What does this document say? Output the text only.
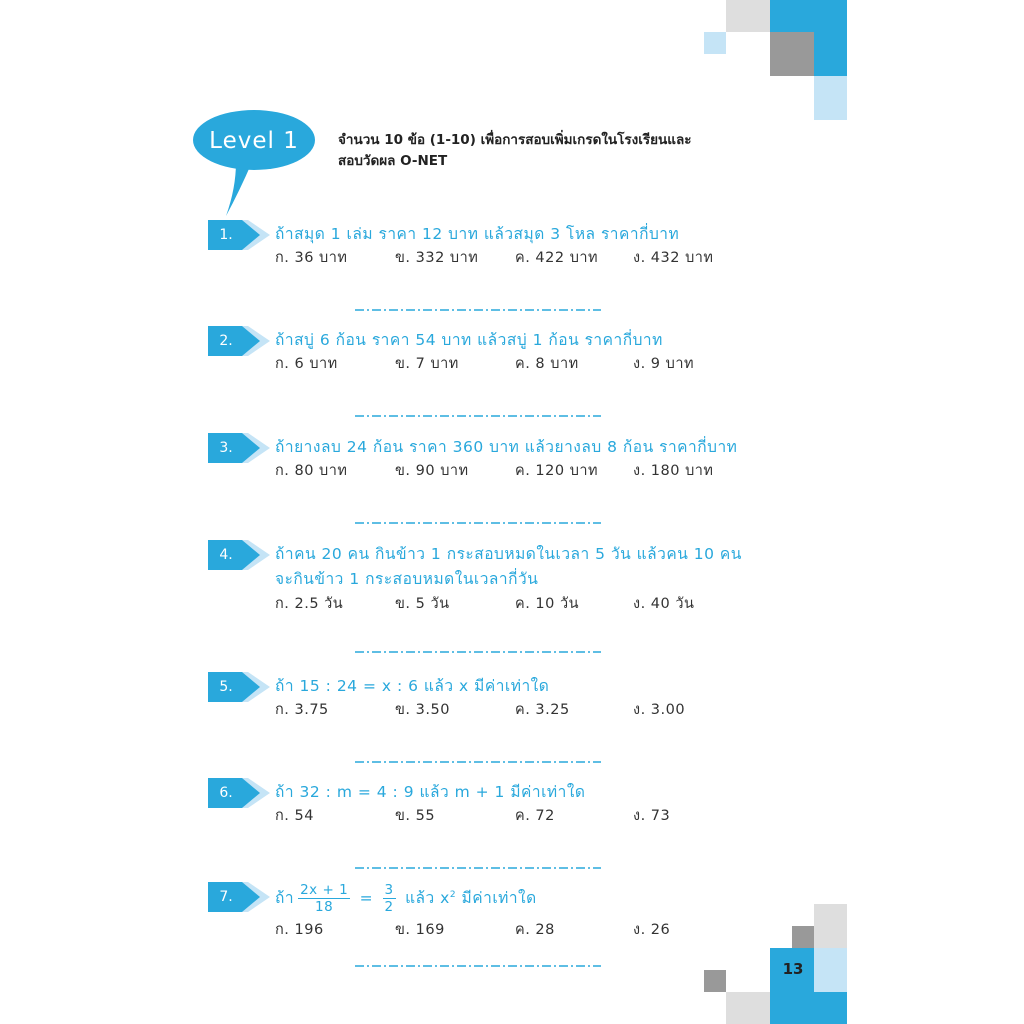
13
Level 1	จำนวน 10 ข้อ (1-10) เพื่อการสอบเพิ่มเกรดในโรงเรียนและ
สอบวัดผล O-NET
1.	ถ้าสมุด 1 เล่ม ราคา 12 บาท แล้วสมุด 3 โหล ราคากี่บาท
ก. 36 บาท	ข. 332 บาท	ค. 422 บาท ง. 432 บาท
2.	ถ้าสบู่ 6 ก้อน ราคา 54 บาท แล้วสบู่ 1 ก้อน ราคากี่บาท
ก. 6 บาท	ข. 7 บาท	ค. 8 บาท	ง. 9 บาท
3.	ถ้ายางลบ 24 ก้อน ราคา 360 บาท แล้วยางลบ 8 ก้อน ราคากี่บาท
ก. 80 บาท	ข. 90 บาท	ค. 120 บาท ง. 180 บาท
4.	ถ้าคน 20 คน กินข้าว 1 กระสอบหมดในเวลา 5 วัน แล้วคน 10 คน
จะกินข้าว 1 กระสอบหมดในเวลากี่วัน
ก. 2.5 วัน	ข. 5 วัน	ค. 10 วัน	ง. 40 วัน
5.	ถ้า 15 : 24 = x : 6 แล้ว x มีค่าเท่าใด
ก. 3.75	ข. 3.50	ค. 3.25	ง. 3.00
6.	ถ้า 32 : m = 4 : 9 แล้ว m + 1 มีค่าเท่าใด
ก. 54	ข. 55	ค. 72	ง. 73
7.	ถ้า $\frac{2x + 1}{18} = \frac{3}{2}$ แล้ว $x^2$ มีค่าเท่าใด
ก. 196	ข. 169	ค. 28	ง. 26
